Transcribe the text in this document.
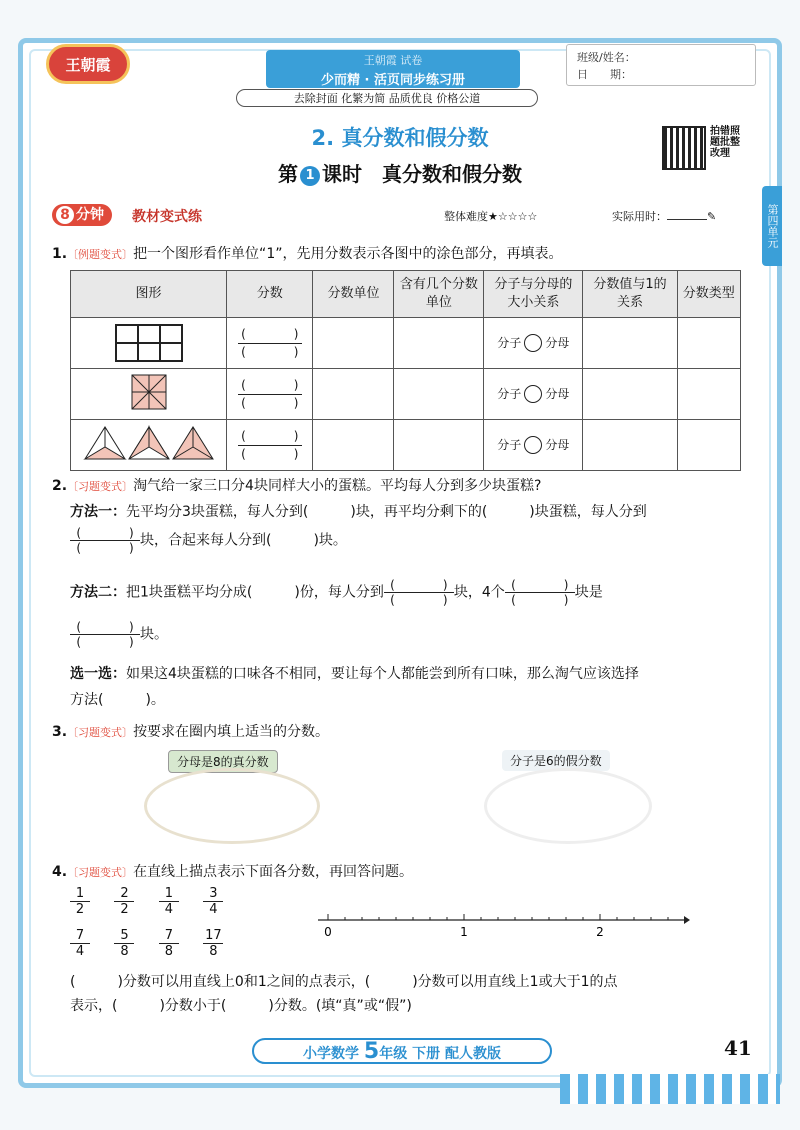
王朝霞	王朝霞 试卷
少而精 · 活页同步练习册
班级/姓名：
日　　期：
去除封面 化繁为简 品质优良 价格公道
2. 真分数和假分数
第 1 课时　真分数和假分数
拍错照题批整改理
第四单元
8 分钟	教材变式练	整体难度★☆☆☆☆	实际用时：	✎
1.〔例题变式〕把一个图形看作单位“1”，先用分数表示各图中的涂色部分，再填表。
图形	分数	分数单位	含有几个分数单位	分子与分母的大小关系	分数值与1的关系	分数类型

	$\frac{( )}{( )}$			分子 分母		
	$\frac{( )}{( )}$			分子 分母		
	$\frac{( )}{( )}$			分子 分母		
2.〔习题变式〕淘气给一家三口分4块同样大小的蛋糕。平均每人分到多少块蛋糕?
方法一：先平均分3块蛋糕，每人分到(　　　)块，再平均分剩下的(　　　)块蛋糕，每人分到
$\frac{( )}{( )}$块，合起来每人分到(　　　)块。
方法二：把1块蛋糕平均分成(　　　)份，每人分到$\frac{( )}{( )}$块，4个$\frac{( )}{( )}$块是
$\frac{( )}{( )}$块。
选一选：如果这4块蛋糕的口味各不相同，要让每个人都能尝到所有口味，那么淘气应该选择
方法(　　　)。
3.〔习题变式〕按要求在圈内填上适当的分数。
分母是8的真分数	分子是6的假分数
4.〔习题变式〕在直线上描点表示下面各分数，再回答问题。
$\frac{1}{2} \frac{2}{2} \frac{1}{4} \frac{3}{4}$
$\frac{7}{4} \frac{5}{8} \frac{7}{8} \frac{17}{8}$	0	1	2
(　　　)分数可以用直线上0和1之间的点表示，(　　　)分数可以用直线上1或大于1的点
表示，(　　　)分数小于(　　　)分数。(填“真”或“假”)
小学数学 5年级 下册 配人教版	41
